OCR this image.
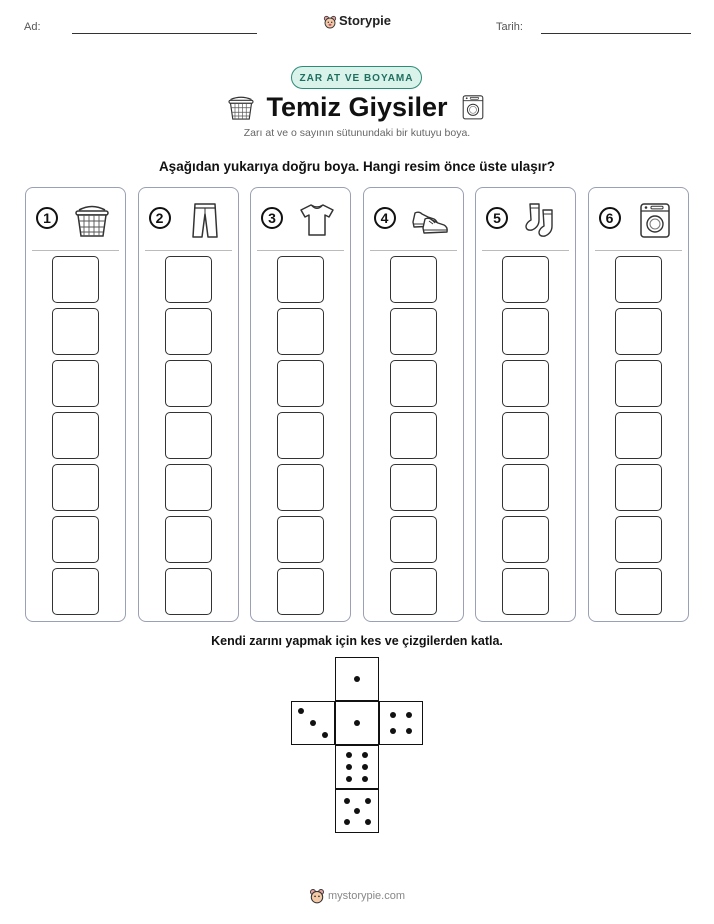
Ad:	Storypie	Tarih:
ZAR AT VE BOYAMA
Temiz Giysiler
Zarı at ve o sayının sütunundaki bir kutuyu boya.
Aşağıdan yukarıya doğru boya. Hangi resim önce üste ulaşır?
1	2	3	4	5	6
Kendi zarını yapmak için kes ve çizgilerden katla.
mystorypie.com
